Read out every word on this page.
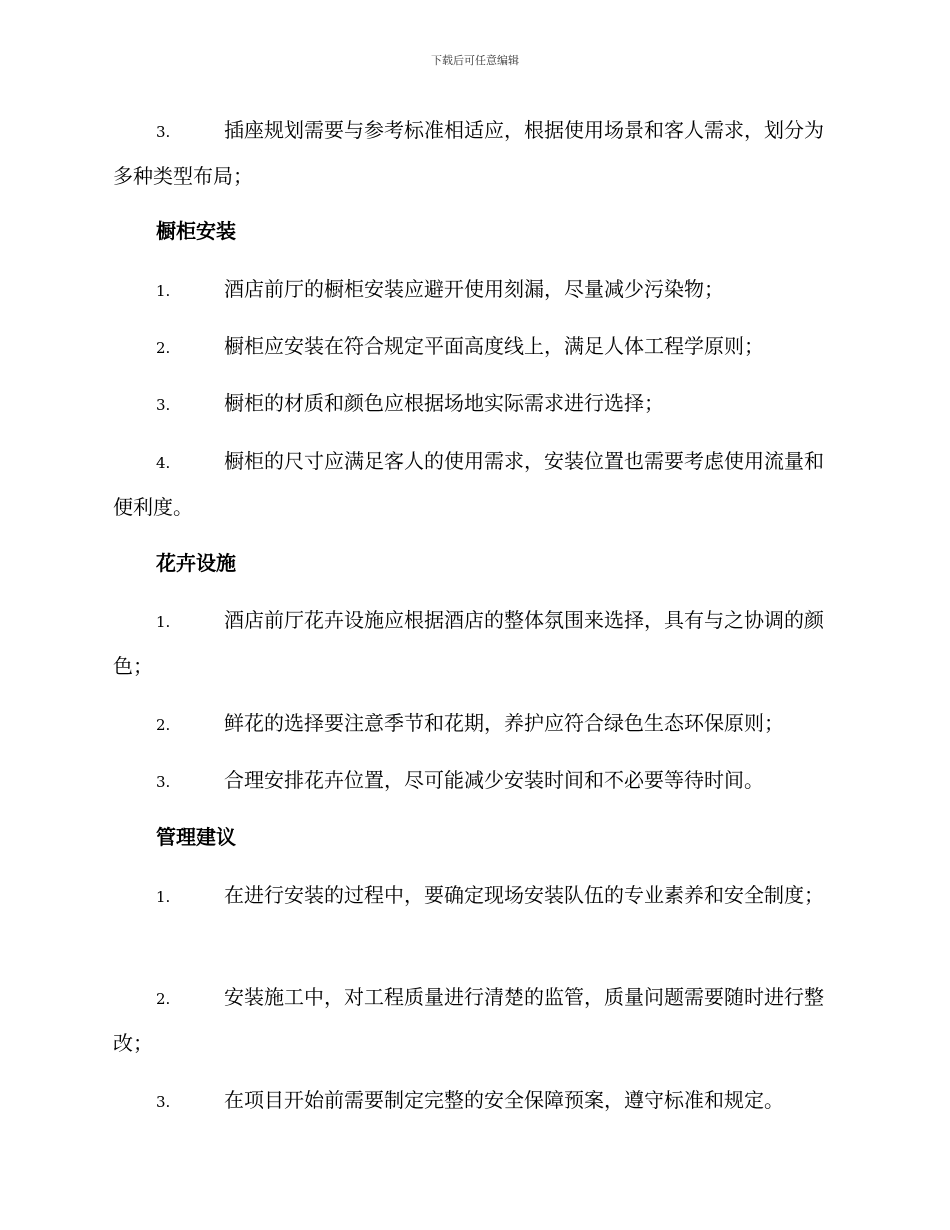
下载后可任意编辑

3.	插座规划需要与参考标准相适应，根据使用场景和客人需求，划分为多种类型布局；

橱柜安装

1.	酒店前厅的橱柜安装应避开使用刻漏，尽量减少污染物；

2.	橱柜应安装在符合规定平面高度线上，满足人体工程学原则；

3.	橱柜的材质和颜色应根据场地实际需求进行选择；

4.	橱柜的尺寸应满足客人的使用需求，安装位置也需要考虑使用流量和便利度。

花卉设施

1.	酒店前厅花卉设施应根据酒店的整体氛围来选择，具有与之协调的颜色；

2.	鲜花的选择要注意季节和花期，养护应符合绿色生态环保原则；

3.	合理安排花卉位置，尽可能减少安装时间和不必要等待时间。

管理建议

1.	在进行安装的过程中，要确定现场安装队伍的专业素养和安全制度；

2.	安装施工中，对工程质量进行清楚的监管，质量问题需要随时进行整改；

3.	在项目开始前需要制定完整的安全保障预案，遵守标准和规定。
